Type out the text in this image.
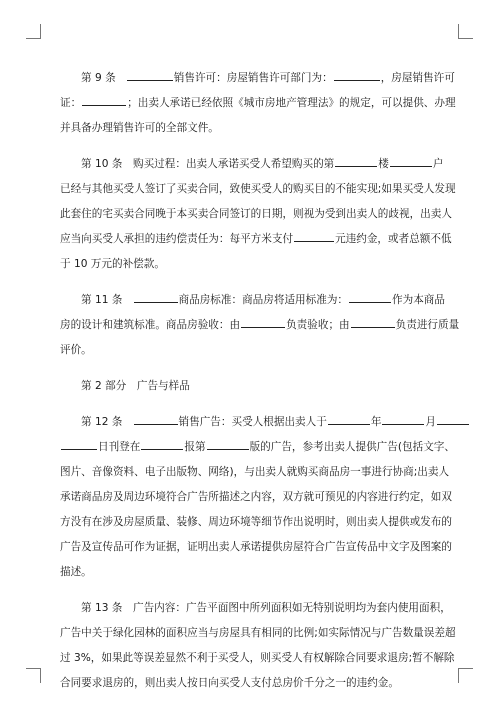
第 9 条	销售许可：房屋销售许可部门为：	，房屋销售许可
证：	；出卖人承诺已经依照《城市房地产管理法》的规定，可以提供、办理
并具备办理销售许可的全部文件。
第 10 条　购买过程：出卖人承诺买受人希望购买的第	楼	户
已经与其他买受人签订了买卖合同，致使买受人的购买目的不能实现;如果买受人发现
此套住的宅买卖合同晚于本买卖合同签订的日期，则视为受到出卖人的歧视，出卖人
应当向买受人承担的违约偿责任为：每平方米支付	元违约金，或者总额不低
于 10 万元的补偿款。
第 11 条	商品房标准：商品房将适用标准为：	作为本商品
房的设计和建筑标准。商品房验收：由	负责验收；由	负责进行质量
评价。
第 2 部分　广告与样品
第 12 条	销售广告：买受人根据出卖人于	年	月
日刊登在	报第	版的广告，参考出卖人提供广告(包括文字、
图片、音像资料、电子出版物、网络)，与出卖人就购买商品房一事进行协商;出卖人
承诺商品房及周边环境符合广告所描述之内容，双方就可预见的内容进行约定，如双
方没有在涉及房屋质量、装修、周边环境等细节作出说明时，则出卖人提供或发布的
广告及宣传品可作为证据，证明出卖人承诺提供房屋符合广告宣传品中文字及图案的
描述。
第 13 条　广告内容：广告平面图中所列面积如无特别说明均为套内使用面积，
广告中关于绿化园林的面积应当与房屋具有相同的比例;如实际情况与广告数量误差超
过 3%，如果此等误差显然不利于买受人，则买受人有权解除合同要求退房;暂不解除
合同要求退房的，则出卖人按日向买受人支付总房价千分之一的违约金。
